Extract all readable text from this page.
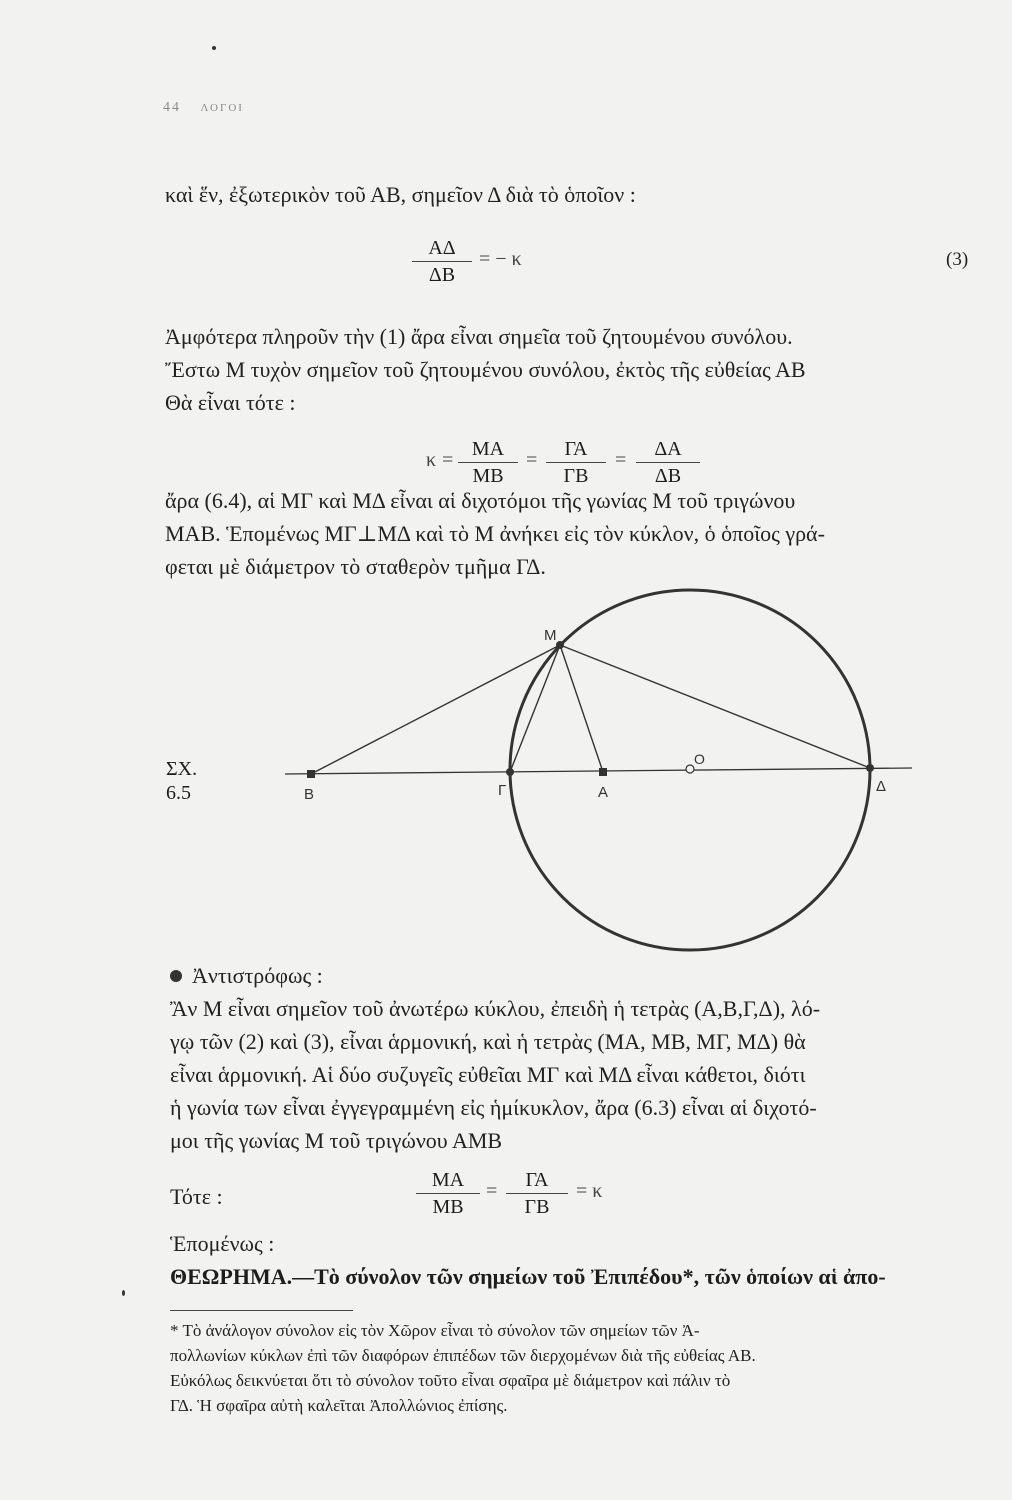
44 ΛΟΓΟΙ
καὶ ἕν, ἐξωτερικὸν τοῦ ΑΒ, σημεῖον Δ διὰ τὸ ὁποῖον :
$\frac{A\Delta}{\Delta B}$ = − κ	(3)
Ἀμφότερα πληροῦν τὴν (1) ἄρα εἶναι σημεῖα τοῦ ζητουμένου συνόλου.
Ἔστω Μ τυχὸν σημεῖον τοῦ ζητουμένου συνόλου, ἐκτὸς τῆς εὐθείας ΑΒ
Θὰ εἶναι τότε :
$\kappa = \frac{MA}{MB} = \frac{\Gamma A}{\Gamma B} = \frac{\Delta A}{\Delta B}$
ἄρα (6.4), αἱ ΜΓ καὶ ΜΔ εἶναι αἱ διχοτόμοι τῆς γωνίας Μ τοῦ τριγώνου
ΜΑΒ. Ἑπομένως ΜΓ⊥ΜΔ καὶ τὸ Μ ἀνήκει εἰς τὸν κύκλον, ὁ ὁποῖος γρά-
φεται μὲ διάμετρον τὸ σταθερὸν τμῆμα ΓΔ.
Μ
Β	Γ	Α
Ο
Δ
ΣΧ.
6.5
Ἀντιστρόφως :
Ἂν Μ εἶναι σημεῖον τοῦ ἀνωτέρω κύκλου, ἐπειδὴ ἡ τετρὰς (Α,Β,Γ,Δ), λό-
γῳ τῶν (2) καὶ (3), εἶναι ἁρμονική, καὶ ἡ τετρὰς (ΜΑ, ΜΒ, ΜΓ, ΜΔ) θὰ
εἶναι ἁρμονική. Αἱ δύο συζυγεῖς εὐθεῖαι ΜΓ καὶ ΜΔ εἶναι κάθετοι, διότι
ἡ γωνία των εἶναι ἐγγεγραμμένη εἰς ἡμίκυκλον, ἄρα (6.3) εἶναι αἱ διχοτό-
μοι τῆς γωνίας Μ τοῦ τριγώνου ΑΜΒ
Τότε :	$\frac{MA}{MB} = \frac{\Gamma A}{\Gamma B} = \kappa$
Ἑπομένως :
ΘΕΩΡΗΜΑ.—Τὸ σύνολον τῶν σημείων τοῦ Ἐπιπέδου*, τῶν ὁποίων αἱ ἀπο-
* Τὸ ἀνάλογον σύνολον εἰς τὸν Χῶρον εἶναι τὸ σύνολον τῶν σημείων τῶν Ἀ-
πολλωνίων κύκλων ἐπὶ τῶν διαφόρων ἐπιπέδων τῶν διερχομένων διὰ τῆς εὐθείας ΑΒ.
Εὐκόλως δεικνύεται ὅτι τὸ σύνολον τοῦτο εἶναι σφαῖρα μὲ διάμετρον καὶ πάλιν τὸ
ΓΔ. Ἡ σφαῖρα αὐτὴ καλεῖται Ἀπολλώνιος ἐπίσης.
